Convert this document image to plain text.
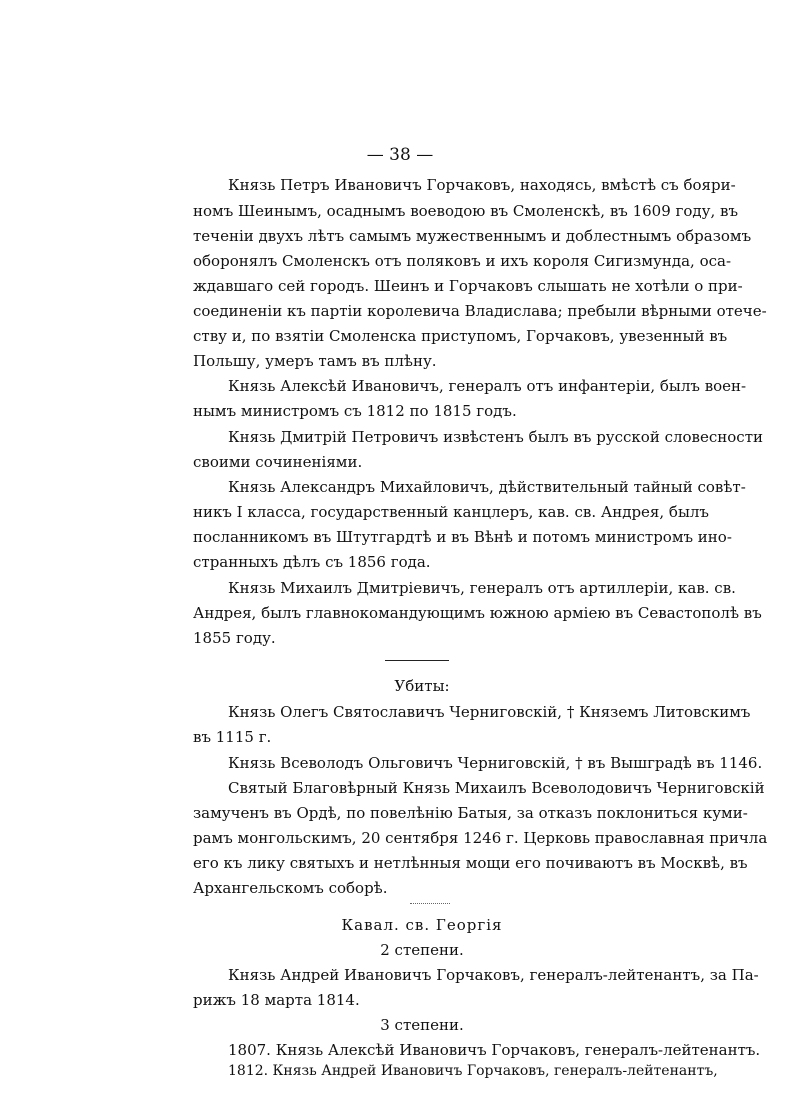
— 38 —
Князь Петръ Ивановичъ Горчаковъ, находясь, вмѣстѣ съ бояри-
номъ Шеинымъ, осаднымъ воеводою въ Смоленскѣ, въ 1609 году, въ
теченіи двухъ лѣтъ самымъ мужественнымъ и доблестнымъ образомъ
оборонялъ Смоленскъ отъ поляковъ и ихъ короля Сигизмунда, оса-
ждавшаго сей городъ. Шеинъ и Горчаковъ слышать не хотѣли о при-
соединеніи къ партіи королевича Владислава; пребыли вѣрными отече-
ству и, по взятіи Смоленска приступомъ, Горчаковъ, увезенный въ
Польшу, умеръ тамъ въ плѣну.
Князь Алексѣй Ивановичъ, генералъ отъ инфантеріи, былъ воен-
нымъ министромъ съ 1812 по 1815 годъ.
Князь Дмитрій Петровичъ извѣстенъ былъ въ русской словесности
своими сочиненіями.
Князь Александръ Михайловичъ, дѣйствительный тайный совѣт-
никъ I класса, государственный канцлеръ, кав. св. Андрея, былъ
посланникомъ въ Штутгардтѣ и въ Вѣнѣ и потомъ министромъ ино-
странныхъ дѣлъ съ 1856 года.
Князь Михаилъ Дмитріевичъ, генералъ отъ артиллеріи, кав. св.
Андрея, былъ главнокомандующимъ южною арміею въ Севастополѣ въ
1855 году.
Убиты:
Князь Олегъ Святославичъ Черниговскій, † Княземъ Литовскимъ
въ 1115 г.
Князь Всеволодъ Ольговичъ Черниговскій, † въ Вышградѣ въ 1146.
Святый Благовѣрный Князь Михаилъ Всеволодовичъ Черниговскій
замученъ въ Ордѣ, по повелѣнію Батыя, за отказъ поклониться куми-
рамъ монгольскимъ, 20 сентября 1246 г. Церковь православная причла
его къ лику святыхъ и нетлѣнныя мощи его почиваютъ въ Москвѣ, въ
Архангельскомъ соборѣ.
Кавал. св. Георгія
2 степени.
Князь Андрей Ивановичъ Горчаковъ, генералъ-лейтенантъ, за Па-
рижъ 18 марта 1814.
3 степени.
1807. Князь Алексѣй Ивановичъ Горчаковъ, генералъ-лейтенантъ.
1812. Князь Андрей Ивановичъ Горчаковъ, генералъ-лейтенантъ,
